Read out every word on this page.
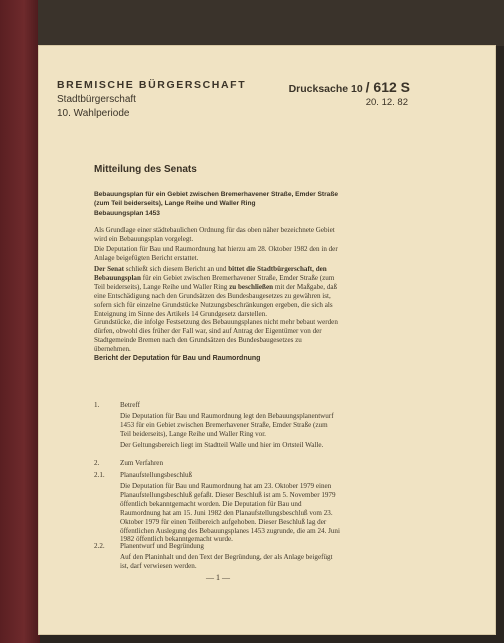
BREMISCHE BÜRGERSCHAFT
Stadtbürgerschaft
10. Wahlperiode
Drucksache 10 / 612 S
20. 12. 82
Mitteilung des Senats
Bebauungsplan für ein Gebiet zwischen Bremerhavener Straße, Emder Straße (zum Teil beiderseits), Lange Reihe und Waller Ring
Bebauungsplan 1453
Als Grundlage einer städtebaulichen Ordnung für das oben näher bezeichnete Gebiet wird ein Bebauungsplan vorgelegt.
Die Deputation für Bau und Raumordnung hat hierzu am 28. Oktober 1982 den in der Anlage beigefügten Bericht erstattet.
Der Senat schließt sich diesem Bericht an und bittet die Stadtbürgerschaft, den Bebauungsplan für ein Gebiet zwischen Bremerhavener Straße, Emder Straße (zum Teil beiderseits), Lange Reihe und Waller Ring zu beschließen mit der Maßgabe, daß eine Entschädigung nach den Grundsätzen des Bundesbaugesetzes zu gewähren ist, sofern sich für einzelne Grundstücke Nutzungsbeschränkungen ergeben, die sich als Enteignung im Sinne des Artikels 14 Grundgesetz darstellen.
Grundstücke, die infolge Festsetzung des Bebauungsplanes nicht mehr bebaut werden dürfen, obwohl dies früher der Fall war, sind auf Antrag der Eigentümer von der Stadtgemeinde Bremen nach den Grundsätzen des Bundesbaugesetzes zu übernehmen.
Bericht der Deputation für Bau und Raumordnung
1.	Betreff
Die Deputation für Bau und Raumordnung legt den Bebauungsplanentwurf 1453 für ein Gebiet zwischen Bremerhavener Straße, Emder Straße (zum Teil beiderseits), Lange Reihe und Waller Ring vor.
Der Geltungsbereich liegt im Stadtteil Walle und hier im Ortsteil Walle.
2.	Zum Verfahren
2.1. Planaufstellungsbeschluß
Die Deputation für Bau und Raumordnung hat am 23. Oktober 1979 einen Planaufstellungsbeschluß gefaßt. Dieser Beschluß ist am 5. November 1979 öffentlich bekanntgemacht worden. Die Deputation für Bau und Raumordnung hat am 15. Juni 1982 den Planaufstellungsbeschluß vom 23. Oktober 1979 für einen Teilbereich aufgehoben. Dieser Beschluß lag der öffentlichen Auslegung des Bebauungsplanes 1453 zugrunde, die am 24. Juni 1982 öffentlich bekanntgemacht wurde.
2.2. Planentwurf und Begründung
Auf den Planinhalt und den Text der Begründung, der als Anlage beigefügt ist, darf verwiesen werden.
— 1 —
